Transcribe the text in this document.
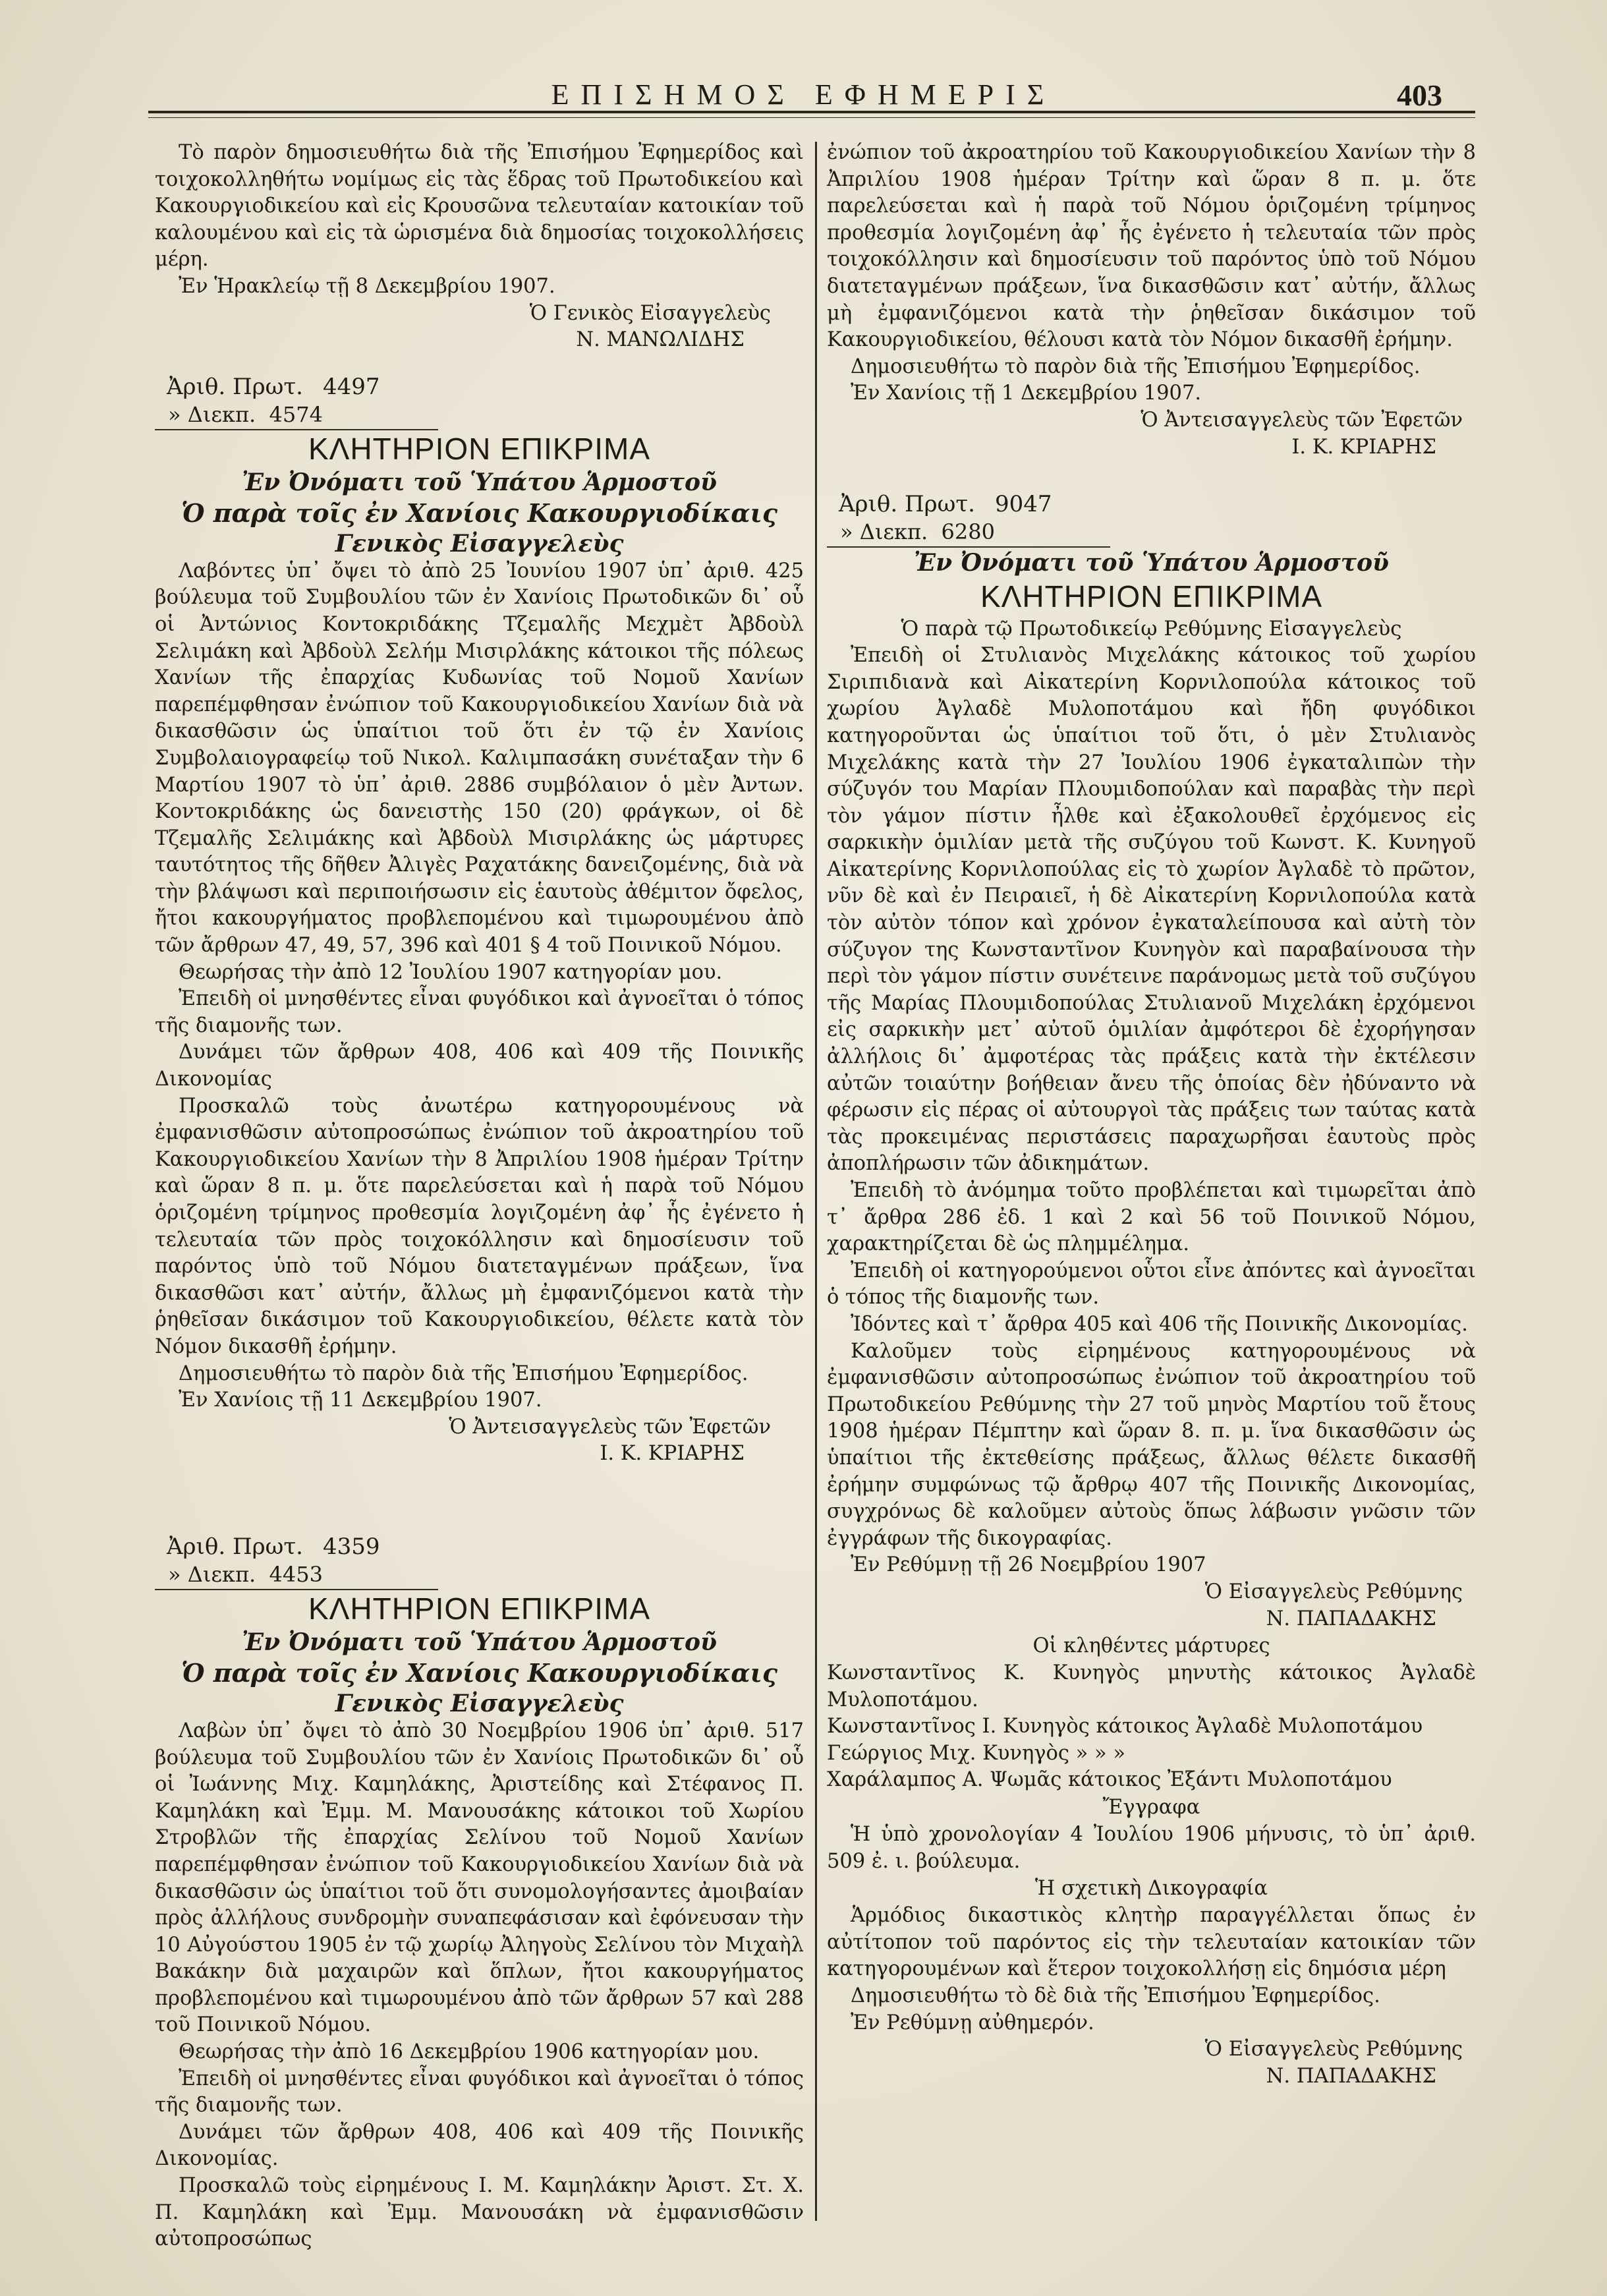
ΕΠΙΣΗΜΟΣ ΕΦΗΜΕΡΙΣ	403

Τὸ παρὸν δημοσιευθήτω διὰ τῆς Ἐπισήμου Ἐφημερίδος καὶ τοιχοκολληθήτω νομίμως εἰς τὰς ἕδρας τοῦ Πρωτοδικείου καὶ Κακουργιοδικείου καὶ εἰς Κρουσῶνα τελευταίαν κατοικίαν τοῦ καλουμένου καὶ εἰς τὰ ὡρισμένα διὰ δημοσίας τοιχοκολλήσεις μέρη.

Ἐν Ἡρακλείῳ τῇ 8 Δεκεμβρίου 1907.

Ὁ Γενικὸς Εἰσαγγελεὺς

Ν. ΜΑΝΩΛΙΔΗΣ

Ἀριθ. Πρωτ. 4497
» Διεκπ. 4574
ΚΛΗΤΗΡΙΟΝ ΕΠΙΚΡΙΜΑ
Ἐν Ὀνόματι τοῦ Ὑπάτου Ἁρμοστοῦ
Ὁ παρὰ τοῖς ἐν Χανίοις Κακουργιοδίκαις
Γενικὸς Εἰσαγγελεὺς

Λαβόντες ὑπ᾽ ὄψει τὸ ἀπὸ 25 Ἰουνίου 1907 ὑπ᾽ ἀριθ. 425 βούλευμα τοῦ Συμβουλίου τῶν ἐν Χανίοις Πρωτοδικῶν δι᾽ οὗ οἱ Ἀντώνιος Κοντοκριδάκης Τζεμαλῆς Μεχμὲτ Ἀβδοὺλ Σελιμάκη καὶ Ἀβδοὺλ Σελήμ Μισιρλάκης κάτοικοι τῆς πόλεως Χανίων τῆς ἐπαρχίας Κυδωνίας τοῦ Νομοῦ Χανίων παρεπέμφθησαν ἐνώπιον τοῦ Κακουργιοδικείου Χανίων διὰ νὰ δικασθῶσιν ὡς ὑπαίτιοι τοῦ ὅτι ἐν τῷ ἐν Χανίοις Συμβολαιογραφείῳ τοῦ Νικολ. Καλιμπασάκη συνέταξαν τὴν 6 Μαρτίου 1907 τὸ ὑπ᾽ ἀριθ. 2886 συμβόλαιον ὁ μὲν Ἀντων. Κοντοκριδάκης ὡς δανειστὴς 150 (20) φράγκων, οἱ δὲ Τζεμαλῆς Σελιμάκης καὶ Ἀβδοὺλ Μισιρλάκης ὡς μάρτυρες ταυτότητος τῆς δῆθεν Ἀλιγὲς Ραχατάκης δανειζομένης, διὰ νὰ τὴν βλάψωσι καὶ περιποιήσωσιν εἰς ἑαυτοὺς ἀθέμιτον ὄφελος, ἤτοι κακουργήματος προβλεπομένου καὶ τιμωρουμένου ἀπὸ τῶν ἄρθρων 47, 49, 57, 396 καὶ 401 § 4 τοῦ Ποινικοῦ Νόμου.

Θεωρήσας τὴν ἀπὸ 12 Ἰουλίου 1907 κατηγορίαν μου.

Ἐπειδὴ οἱ μνησθέντες εἶναι φυγόδικοι καὶ ἀγνοεῖται ὁ τόπος τῆς διαμονῆς των.

Δυνάμει τῶν ἄρθρων 408, 406 καὶ 409 τῆς Ποινικῆς Δικονομίας

Προσκαλῶ τοὺς ἀνωτέρω κατηγορουμένους νὰ ἐμφανισθῶσιν αὐτοπροσώπως ἐνώπιον τοῦ ἀκροατηρίου τοῦ Κακουργιοδικείου Χανίων τὴν 8 Ἀπριλίου 1908 ἡμέραν Τρίτην καὶ ὥραν 8 π. μ. ὅτε παρελεύσεται καὶ ἡ παρὰ τοῦ Νόμου ὁριζομένη τρίμηνος προθεσμία λογιζομένη ἀφ᾽ ἧς ἐγένετο ἡ τελευταία τῶν πρὸς τοιχοκόλλησιν καὶ δημοσίευσιν τοῦ παρόντος ὑπὸ τοῦ Νόμου διατεταγμένων πράξεων, ἵνα δικασθῶσι κατ᾽ αὐτήν, ἄλλως μὴ ἐμφανιζόμενοι κατὰ τὴν ῥηθεῖσαν δικάσιμον τοῦ Κακουργιοδικείου, θέλετε κατὰ τὸν Νόμον δικασθῆ ἐρήμην.

Δημοσιευθήτω τὸ παρὸν διὰ τῆς Ἐπισήμου Ἐφημερίδος.

Ἐν Χανίοις τῇ 11 Δεκεμβρίου 1907.

Ὁ Ἀντεισαγγελεὺς τῶν Ἐφετῶν

Ι. Κ. ΚΡΙΑΡΗΣ

Ἀριθ. Πρωτ. 4359
» Διεκπ. 4453
ΚΛΗΤΗΡΙΟΝ ΕΠΙΚΡΙΜΑ
Ἐν Ὀνόματι τοῦ Ὑπάτου Ἁρμοστοῦ
Ὁ παρὰ τοῖς ἐν Χανίοις Κακουργιοδίκαις
Γενικὸς Εἰσαγγελεὺς

Λαβὼν ὑπ᾽ ὄψει τὸ ἀπὸ 30 Νοεμβρίου 1906 ὑπ᾽ ἀριθ. 517 βούλευμα τοῦ Συμβουλίου τῶν ἐν Χανίοις Πρωτοδικῶν δι᾽ οὗ οἱ Ἰωάννης Μιχ. Καμηλάκης, Ἀριστείδης καὶ Στέφανος Π. Καμηλάκη καὶ Ἐμμ. Μ. Μανουσάκης κάτοικοι τοῦ Χωρίου Στροβλῶν τῆς ἐπαρχίας Σελίνου τοῦ Νομοῦ Χανίων παρεπέμφθησαν ἐνώπιον τοῦ Κακουργιοδικείου Χανίων διὰ νὰ δικασθῶσιν ὡς ὑπαίτιοι τοῦ ὅτι συνομολογήσαντες ἀμοιβαίαν πρὸς ἀλλήλους συνδρομὴν συναπεφάσισαν καὶ ἐφόνευσαν τὴν 10 Αὐγούστου 1905 ἐν τῷ χωρίῳ Ἀληγοὺς Σελίνου τὸν Μιχαὴλ Βακάκην διὰ μαχαιρῶν καὶ ὅπλων, ἤτοι κακουργήματος προβλεπομένου καὶ τιμωρουμένου ἀπὸ τῶν ἄρθρων 57 καὶ 288 τοῦ Ποινικοῦ Νόμου.

Θεωρήσας τὴν ἀπὸ 16 Δεκεμβρίου 1906 κατηγορίαν μου.

Ἐπειδὴ οἱ μνησθέντες εἶναι φυγόδικοι καὶ ἀγνοεῖται ὁ τόπος τῆς διαμονῆς των.

Δυνάμει τῶν ἄρθρων 408, 406 καὶ 409 τῆς Ποινικῆς Δικονομίας.

Προσκαλῶ τοὺς εἰρημένους Ι. Μ. Καμηλάκην Ἀριστ. Στ. Χ. Π. Καμηλάκη καὶ Ἐμμ. Μανουσάκη νὰ ἐμφανισθῶσιν αὐτοπροσώπως

ἐνώπιον τοῦ ἀκροατηρίου τοῦ Κακουργιοδικείου Χανίων τὴν 8 Ἀπριλίου 1908 ἡμέραν Τρίτην καὶ ὥραν 8 π. μ. ὅτε παρελεύσεται καὶ ἡ παρὰ τοῦ Νόμου ὁριζομένη τρίμηνος προθεσμία λογιζομένη ἀφ᾽ ἧς ἐγένετο ἡ τελευταία τῶν πρὸς τοιχοκόλλησιν καὶ δημοσίευσιν τοῦ παρόντος ὑπὸ τοῦ Νόμου διατεταγμένων πράξεων, ἵνα δικασθῶσιν κατ᾽ αὐτήν, ἄλλως μὴ ἐμφανιζόμενοι κατὰ τὴν ῥηθεῖσαν δικάσιμον τοῦ Κακουργιοδικείου, θέλουσι κατὰ τὸν Νόμον δικασθῆ ἐρήμην.

Δημοσιευθήτω τὸ παρὸν διὰ τῆς Ἐπισήμου Ἐφημερίδος.

Ἐν Χανίοις τῇ 1 Δεκεμβρίου 1907.

Ὁ Ἀντεισαγγελεὺς τῶν Ἐφετῶν

Ι. Κ. ΚΡΙΑΡΗΣ

Ἀριθ. Πρωτ. 9047
» Διεκπ. 6280
Ἐν Ὀνόματι τοῦ Ὑπάτου Ἁρμοστοῦ
ΚΛΗΤΗΡΙΟΝ ΕΠΙΚΡΙΜΑ
Ὁ παρὰ τῷ Πρωτοδικείῳ Ρεθύμνης Εἰσαγγελεὺς

Ἐπειδὴ οἱ Στυλιανὸς Μιχελάκης κάτοικος τοῦ χωρίου Σιριπιδιανὰ καὶ Αἰκατερίνη Κορνιλοπούλα κάτοικος τοῦ χωρίου Ἀγλαδὲ Μυλοποτάμου καὶ ἤδη φυγόδικοι κατηγοροῦνται ὡς ὑπαίτιοι τοῦ ὅτι, ὁ μὲν Στυλιανὸς Μιχελάκης κατὰ τὴν 27 Ἰουλίου 1906 ἐγκαταλιπὼν τὴν σύζυγόν του Μαρίαν Πλουμιδοπούλαν καὶ παραβὰς τὴν περὶ τὸν γάμον πίστιν ἦλθε καὶ ἐξακολουθεῖ ἐρχόμενος εἰς σαρκικὴν ὁμιλίαν μετὰ τῆς συζύγου τοῦ Κωνστ. Κ. Κυνηγοῦ Αἰκατερίνης Κορνιλοπούλας εἰς τὸ χωρίον Ἀγλαδὲ τὸ πρῶτον, νῦν δὲ καὶ ἐν Πειραιεῖ, ἡ δὲ Αἰκατερίνη Κορνιλοπούλα κατὰ τὸν αὐτὸν τόπον καὶ χρόνον ἐγκαταλείπουσα καὶ αὐτὴ τὸν σύζυγον της Κωνσταντῖνον Κυνηγὸν καὶ παραβαίνουσα τὴν περὶ τὸν γάμον πίστιν συνέτεινε παράνομως μετὰ τοῦ συζύγου τῆς Μαρίας Πλουμιδοπούλας Στυλιανοῦ Μιχελάκη ἐρχόμενοι εἰς σαρκικὴν μετ᾽ αὐτοῦ ὁμιλίαν ἀμφότεροι δὲ ἐχορήγησαν ἀλλήλοις δι᾽ ἀμφοτέρας τὰς πράξεις κατὰ τὴν ἐκτέλεσιν αὐτῶν τοιαύτην βοήθειαν ἄνευ τῆς ὁποίας δὲν ἠδύναντο νὰ φέρωσιν εἰς πέρας οἱ αὐτουργοὶ τὰς πράξεις των ταύτας κατὰ τὰς προκειμένας περιστάσεις παραχωρῆσαι ἑαυτοὺς πρὸς ἀποπλήρωσιν τῶν ἀδικημάτων.

Ἐπειδὴ τὸ ἀνόμημα τοῦτο προβλέπεται καὶ τιμωρεῖται ἀπὸ τ᾽ ἄρθρα 286 ἐδ. 1 καὶ 2 καὶ 56 τοῦ Ποινικοῦ Νόμου, χαρακτηρίζεται δὲ ὡς πλημμέλημα.

Ἐπειδὴ οἱ κατηγορούμενοι οὗτοι εἶνε ἀπόντες καὶ ἀγνοεῖται ὁ τόπος τῆς διαμονῆς των.

Ἰδόντες καὶ τ᾽ ἄρθρα 405 καὶ 406 τῆς Ποινικῆς Δικονομίας.

Καλοῦμεν τοὺς εἰρημένους κατηγορουμένους νὰ ἐμφανισθῶσιν αὐτοπροσώπως ἐνώπιον τοῦ ἀκροατηρίου τοῦ Πρωτοδικείου Ρεθύμνης τὴν 27 τοῦ μηνὸς Μαρτίου τοῦ ἔτους 1908 ἡμέραν Πέμπτην καὶ ὥραν 8. π. μ. ἵνα δικασθῶσιν ὡς ὑπαίτιοι τῆς ἐκτεθείσης πράξεως, ἄλλως θέλετε δικασθῆ ἐρήμην συμφώνως τῷ ἄρθρῳ 407 τῆς Ποινικῆς Δικονομίας, συγχρόνως δὲ καλοῦμεν αὐτοὺς ὅπως λάβωσιν γνῶσιν τῶν ἐγγράφων τῆς δικογραφίας.

Ἐν Ρεθύμνῃ τῇ 26 Νοεμβρίου 1907

Ὁ Εἰσαγγελεὺς Ρεθύμνης

Ν. ΠΑΠΑΔΑΚΗΣ

Οἱ κληθέντες μάρτυρες

Κωνσταντῖνος Κ. Κυνηγὸς μηνυτὴς κάτοικος Ἀγλαδὲ Μυλοποτάμου.

Κωνσταντῖνος Ι. Κυνηγὸς κάτοικος Ἀγλαδὲ Μυλοποτάμου

Γεώργιος Μιχ. Κυνηγὸς » » »

Χαράλαμπος Α. Ψωμᾶς κάτοικος Ἐξάντι Μυλοποτάμου

Ἔγγραφα

Ἡ ὑπὸ χρονολογίαν 4 Ἰουλίου 1906 μήνυσις, τὸ ὑπ᾽ ἀριθ. 509 ἐ. ι. βούλευμα.

Ἡ σχετικὴ Δικογραφία

Ἁρμόδιος δικαστικὸς κλητὴρ παραγγέλλεται ὅπως ἐν αὐτίτοπον τοῦ παρόντος εἰς τὴν τελευταίαν κατοικίαν τῶν κατηγορουμένων καὶ ἕτερον τοιχοκολλήσῃ εἰς δημόσια μέρη

Δημοσιευθήτω τὸ δὲ διὰ τῆς Ἐπισήμου Ἐφημερίδος.

Ἐν Ρεθύμνῃ αὐθημερόν.

Ὁ Εἰσαγγελεὺς Ρεθύμνης

Ν. ΠΑΠΑΔΑΚΗΣ
